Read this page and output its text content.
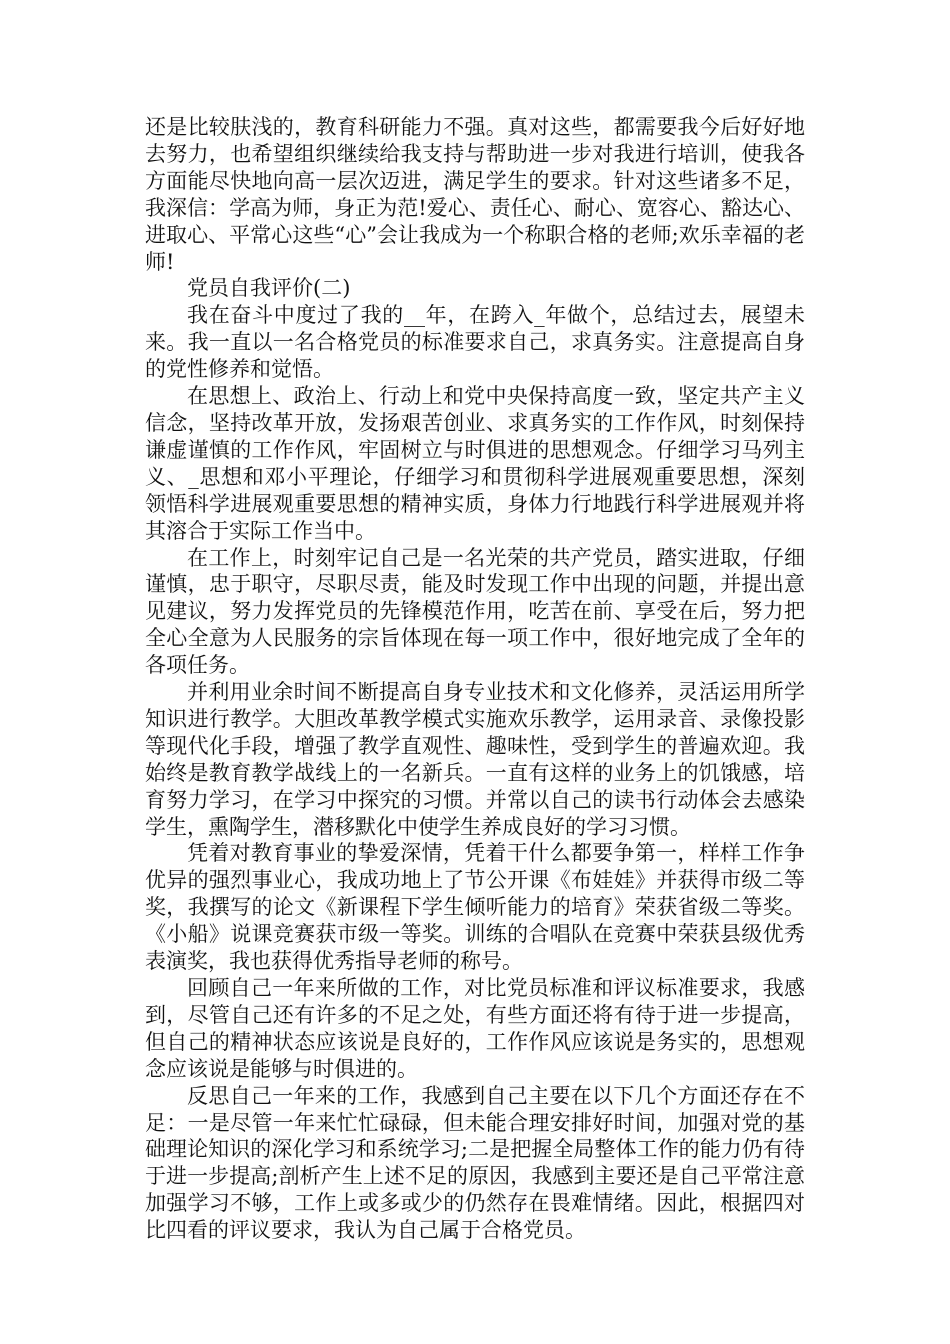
还是比较肤浅的，教育科研能力不强。真对这些，都需要我今后好好地去努力，也希望组织继续给我支持与帮助进一步对我进行培训，使我各方面能尽快地向高一层次迈进，满足学生的要求。针对这些诸多不足，我深信：学高为师，身正为范!爱心、责任心、耐心、宽容心、豁达心、进取心、平常心这些“心”会让我成为一个称职合格的老师;欢乐幸福的老师!

党员自我评价(二)

我在奋斗中度过了我的__年，在跨入_年做个，总结过去，展望未来。我一直以一名合格党员的标准要求自己，求真务实。注意提高自身的党性修养和觉悟。

在思想上、政治上、行动上和党中央保持高度一致，坚定共产主义信念，坚持改革开放，发扬艰苦创业、求真务实的工作作风，时刻保持谦虚谨慎的工作作风，牢固树立与时俱进的思想观念。仔细学习马列主义、_思想和邓小平理论，仔细学习和贯彻科学进展观重要思想，深刻领悟科学进展观重要思想的精神实质，身体力行地践行科学进展观并将其溶合于实际工作当中。

在工作上，时刻牢记自己是一名光荣的共产党员，踏实进取，仔细谨慎，忠于职守，尽职尽责，能及时发现工作中出现的问题，并提出意见建议，努力发挥党员的先锋模范作用，吃苦在前、享受在后，努力把全心全意为人民服务的宗旨体现在每一项工作中，很好地完成了全年的各项任务。

并利用业余时间不断提高自身专业技术和文化修养，灵活运用所学知识进行教学。大胆改革教学模式实施欢乐教学，运用录音、录像投影等现代化手段，增强了教学直观性、趣味性，受到学生的普遍欢迎。我始终是教育教学战线上的一名新兵。一直有这样的业务上的饥饿感，培育努力学习，在学习中探究的习惯。并常以自己的读书行动体会去感染学生，熏陶学生，潜移默化中使学生养成良好的学习习惯。

凭着对教育事业的挚爱深情，凭着干什么都要争第一，样样工作争优异的强烈事业心，我成功地上了节公开课《布娃娃》并获得市级二等奖，我撰写的论文《新课程下学生倾听能力的培育》荣获省级二等奖。《小船》说课竞赛获市级一等奖。训练的合唱队在竞赛中荣获县级优秀表演奖，我也获得优秀指导老师的称号。

回顾自己一年来所做的工作，对比党员标准和评议标准要求，我感到，尽管自己还有许多的不足之处，有些方面还将有待于进一步提高，但自己的精神状态应该说是良好的，工作作风应该说是务实的，思想观念应该说是能够与时俱进的。

反思自己一年来的工作，我感到自己主要在以下几个方面还存在不足：一是尽管一年来忙忙碌碌，但未能合理安排好时间，加强对党的基础理论知识的深化学习和系统学习;二是把握全局整体工作的能力仍有待于进一步提高;剖析产生上述不足的原因，我感到主要还是自己平常注意加强学习不够，工作上或多或少的仍然存在畏难情绪。因此，根据四对比四看的评议要求，我认为自己属于合格党员。
